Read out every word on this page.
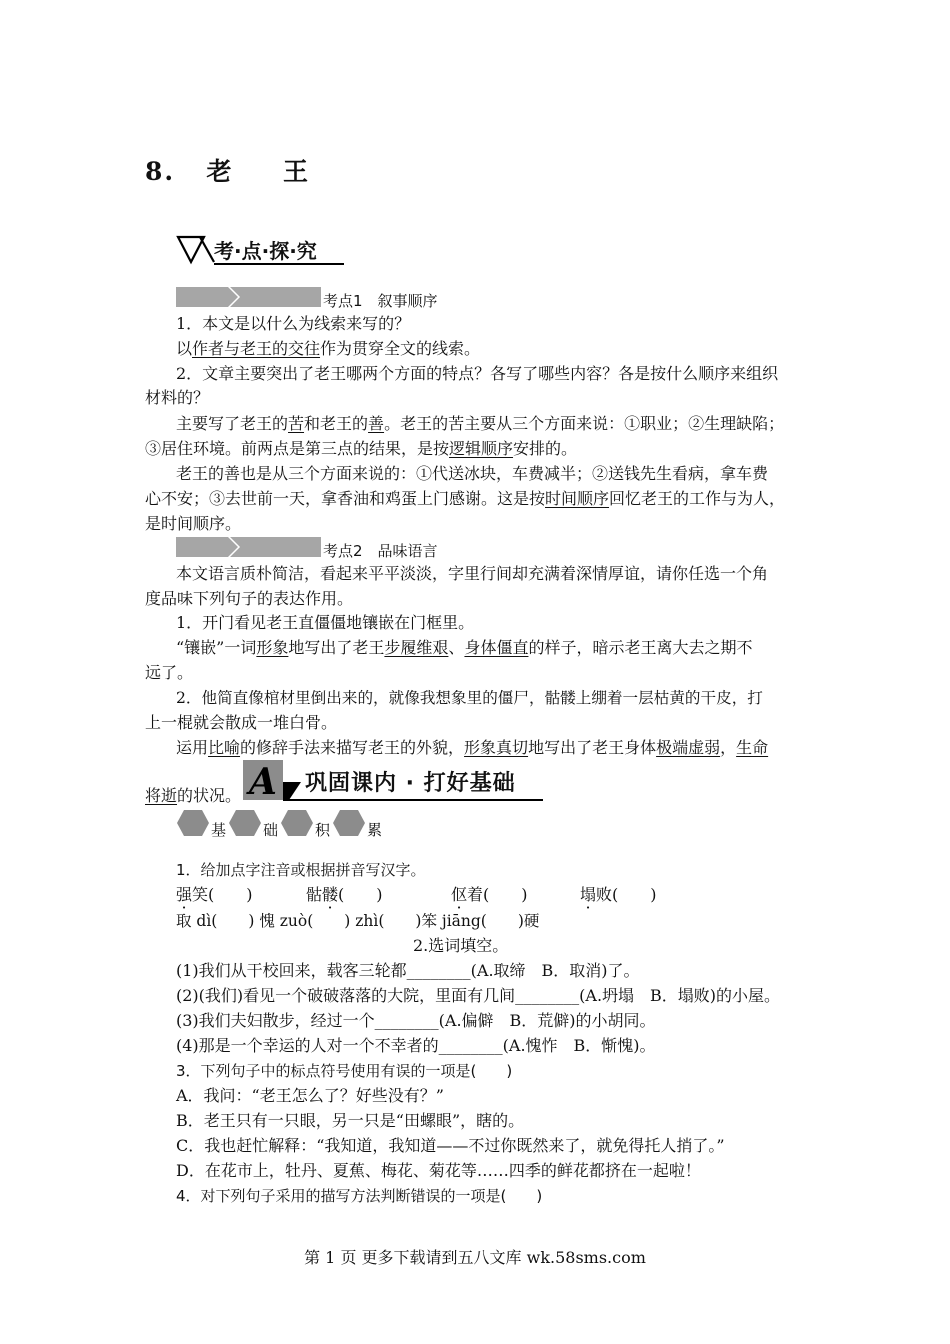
8. 老 王
考·点·探·究
考点1　叙事顺序
1．本文是以什么为线索来写的？
以作者与老王的交往作为贯穿全文的线索。
2．文章主要突出了老王哪两个方面的特点？各写了哪些内容？各是按什么顺序来组织
材料的？
主要写了老王的苦和老王的善。老王的苦主要从三个方面来说：①职业；②生理缺陷；
③居住环境。前两点是第三点的结果，是按逻辑顺序安排的。
老王的善也是从三个方面来说的：①代送冰块，车费减半；②送钱先生看病，拿车费
心不安；③去世前一天，拿香油和鸡蛋上门感谢。这是按时间顺序回忆老王的工作与为人，
是时间顺序。
考点2　品味语言
本文语言质朴简洁，看起来平平淡淡，字里行间却充满着深情厚谊，请你任选一个角
度品味下列句子的表达作用。
1．开门看见老王直僵僵地镶嵌在门框里。
“镶嵌”一词形象地写出了老王步履维艰、身体僵直的样子，暗示老王离大去之期不
远了。
2．他简直像棺材里倒出来的，就像我想象里的僵尸，骷髅上绷着一层枯黄的干皮，打
上一棍就会散成一堆白骨。
运用比喻的修辞手法来描写老王的外貌，形象真切地写出了老王身体极端虚弱，生命
将逝的状况。 A 巩固课内 · 打好基础
基 础 积 累
1．给加点字注音或根据拼音写汉字。
强笑(　　)	骷髅(　　)	伛着(　　)	塌败(　　)
取 dì(　　) 愧 zuò(　　) zhì(　　)笨 jiāng(　　)硬
2.选词填空。
(1)我们从干校回来，载客三轮都________(A.取缔　B．取消)了。
(2)(我们)看见一个破破落落的大院，里面有几间________(A.坍塌　B．塌败)的小屋。
(3)我们夫妇散步，经过一个________(A.偏僻　B．荒僻)的小胡同。
(4)那是一个幸运的人对一个不幸者的________(A.愧怍　B．惭愧)。
3．下列句子中的标点符号使用有误的一项是(　　)
A．我问：“老王怎么了？好些没有？”
B．老王只有一只眼，另一只是“田螺眼”，瞎的。
C．我也赶忙解释：“我知道，我知道——不过你既然来了，就免得托人捎了。”
D．在花市上，牡丹、夏蕉、梅花、菊花等……四季的鲜花都挤在一起啦！
4．对下列句子采用的描写方法判断错误的一项是(　　)
第 1 页 更多下载请到五八文库 wk.58sms.com
